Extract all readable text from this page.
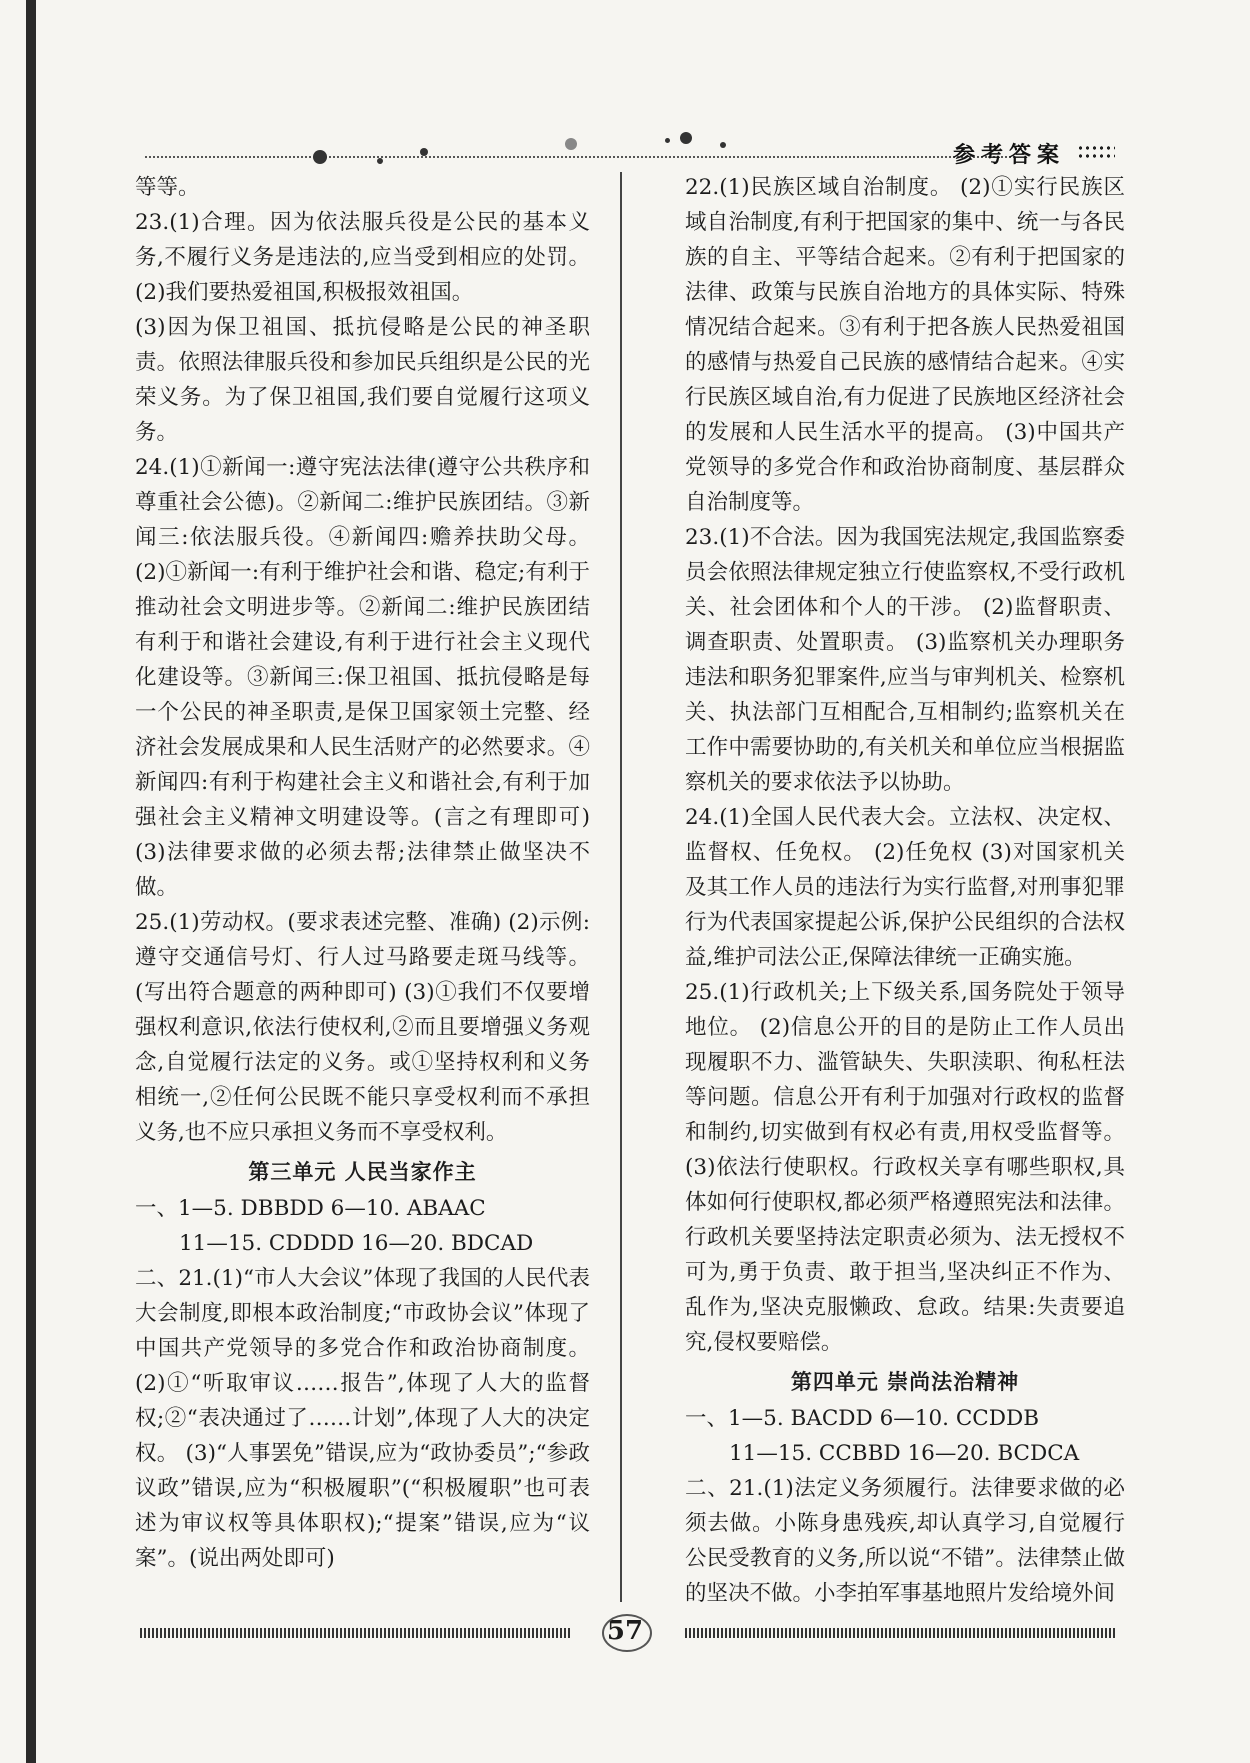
参考答案

等等。

23.(1)合理。因为依法服兵役是公民的基本义务,不履行义务是违法的,应当受到相应的处罚。 (2)我们要热爱祖国,积极报效祖国。

(3)因为保卫祖国、抵抗侵略是公民的神圣职责。依照法律服兵役和参加民兵组织是公民的光荣义务。为了保卫祖国,我们要自觉履行这项义务。

24.(1)①新闻一:遵守宪法法律(遵守公共秩序和尊重社会公德)。②新闻二:维护民族团结。③新闻三:依法服兵役。④新闻四:赡养扶助父母。 (2)①新闻一:有利于维护社会和谐、稳定;有利于推动社会文明进步等。②新闻二:维护民族团结有利于和谐社会建设,有利于进行社会主义现代化建设等。③新闻三:保卫祖国、抵抗侵略是每一个公民的神圣职责,是保卫国家领土完整、经济社会发展成果和人民生活财产的必然要求。④新闻四:有利于构建社会主义和谐社会,有利于加强社会主义精神文明建设等。(言之有理即可) (3)法律要求做的必须去帮;法律禁止做坚决不做。

25.(1)劳动权。(要求表述完整、准确) (2)示例:遵守交通信号灯、行人过马路要走斑马线等。(写出符合题意的两种即可) (3)①我们不仅要增强权利意识,依法行使权利,②而且要增强义务观念,自觉履行法定的义务。或①坚持权利和义务相统一,②任何公民既不能只享受权利而不承担义务,也不应只承担义务而不享受权利。

第三单元 人民当家作主

一、1—5. DBBDD 6—10. ABAAC

11—15. CDDDD 16—20. BDCAD

二、21.(1)“市人大会议”体现了我国的人民代表大会制度,即根本政治制度;“市政协会议”体现了中国共产党领导的多党合作和政治协商制度。 (2)①“听取审议……报告”,体现了人大的监督权;②“表决通过了……计划”,体现了人大的决定权。 (3)“人事罢免”错误,应为“政协委员”;“参政议政”错误,应为“积极履职”(“积极履职”也可表述为审议权等具体职权);“提案”错误,应为“议案”。(说出两处即可)

22.(1)民族区域自治制度。 (2)①实行民族区域自治制度,有利于把国家的集中、统一与各民族的自主、平等结合起来。②有利于把国家的法律、政策与民族自治地方的具体实际、特殊情况结合起来。③有利于把各族人民热爱祖国的感情与热爱自己民族的感情结合起来。④实行民族区域自治,有力促进了民族地区经济社会的发展和人民生活水平的提高。 (3)中国共产党领导的多党合作和政治协商制度、基层群众自治制度等。

23.(1)不合法。因为我国宪法规定,我国监察委员会依照法律规定独立行使监察权,不受行政机关、社会团体和个人的干涉。 (2)监督职责、调查职责、处置职责。 (3)监察机关办理职务违法和职务犯罪案件,应当与审判机关、检察机关、执法部门互相配合,互相制约;监察机关在工作中需要协助的,有关机关和单位应当根据监察机关的要求依法予以协助。

24.(1)全国人民代表大会。立法权、决定权、监督权、任免权。 (2)任免权 (3)对国家机关及其工作人员的违法行为实行监督,对刑事犯罪行为代表国家提起公诉,保护公民组织的合法权益,维护司法公正,保障法律统一正确实施。

25.(1)行政机关;上下级关系,国务院处于领导地位。 (2)信息公开的目的是防止工作人员出现履职不力、滥管缺失、失职渎职、徇私枉法等问题。信息公开有利于加强对行政权的监督和制约,切实做到有权必有责,用权受监督等。 (3)依法行使职权。行政权关享有哪些职权,具体如何行使职权,都必须严格遵照宪法和法律。行政机关要坚持法定职责必须为、法无授权不可为,勇于负责、敢于担当,坚决纠正不作为、乱作为,坚决克服懒政、怠政。结果:失责要追究,侵权要赔偿。

第四单元 崇尚法治精神

一、1—5. BACDD 6—10. CCDDB

11—15. CCBBD 16—20. BCDCA

二、21.(1)法定义务须履行。法律要求做的必须去做。小陈身患残疾,却认真学习,自觉履行公民受教育的义务,所以说“不错”。法律禁止做的坚决不做。小李拍军事基地照片发给境外间

57
